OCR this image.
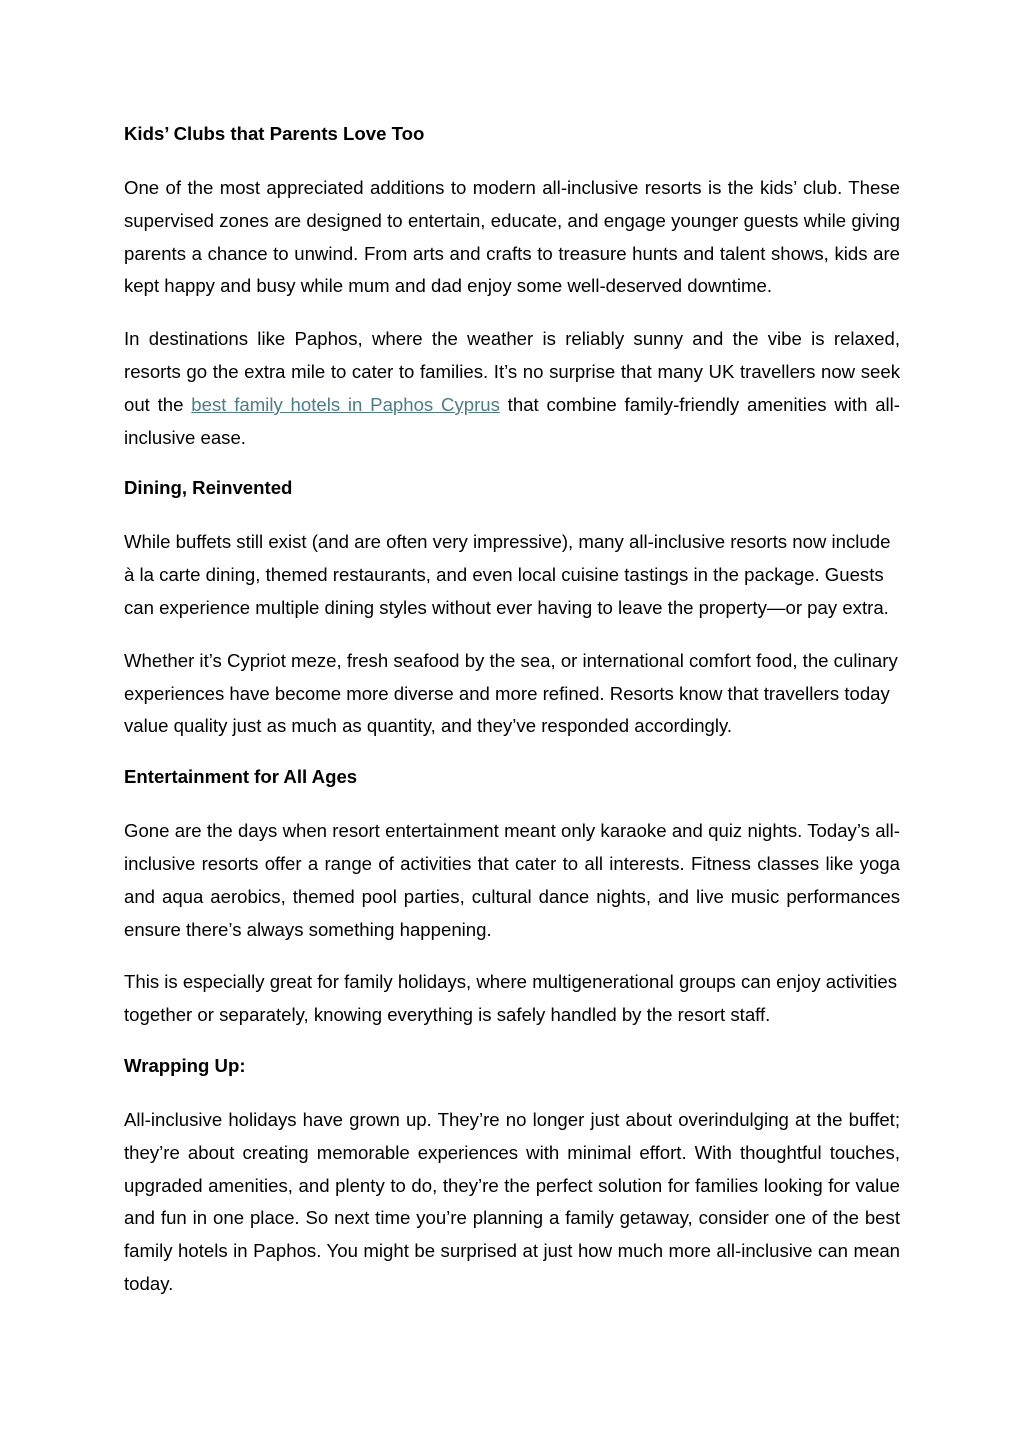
Kids’ Clubs that Parents Love Too

One of the most appreciated additions to modern all-inclusive resorts is the kids’ club. These supervised zones are designed to entertain, educate, and engage younger guests while giving parents a chance to unwind. From arts and crafts to treasure hunts and talent shows, kids are kept happy and busy while mum and dad enjoy some well-deserved downtime.

In destinations like Paphos, where the weather is reliably sunny and the vibe is relaxed, resorts go the extra mile to cater to families. It’s no surprise that many UK travellers now seek out the best family hotels in Paphos Cyprus that combine family-friendly amenities with all-inclusive ease.

Dining, Reinvented

While buffets still exist (and are often very impressive), many all-inclusive resorts now include à la carte dining, themed restaurants, and even local cuisine tastings in the package. Guests can experience multiple dining styles without ever having to leave the property—or pay extra.

Whether it’s Cypriot meze, fresh seafood by the sea, or international comfort food, the culinary experiences have become more diverse and more refined. Resorts know that travellers today value quality just as much as quantity, and they’ve responded accordingly.

Entertainment for All Ages

Gone are the days when resort entertainment meant only karaoke and quiz nights. Today’s all-inclusive resorts offer a range of activities that cater to all interests. Fitness classes like yoga and aqua aerobics, themed pool parties, cultural dance nights, and live music performances ensure there’s always something happening.

This is especially great for family holidays, where multigenerational groups can enjoy activities together or separately, knowing everything is safely handled by the resort staff.

Wrapping Up:

All-inclusive holidays have grown up. They’re no longer just about overindulging at the buffet; they’re about creating memorable experiences with minimal effort. With thoughtful touches, upgraded amenities, and plenty to do, they’re the perfect solution for families looking for value and fun in one place. So next time you’re planning a family getaway, consider one of the best family hotels in Paphos. You might be surprised at just how much more all-inclusive can mean today.
